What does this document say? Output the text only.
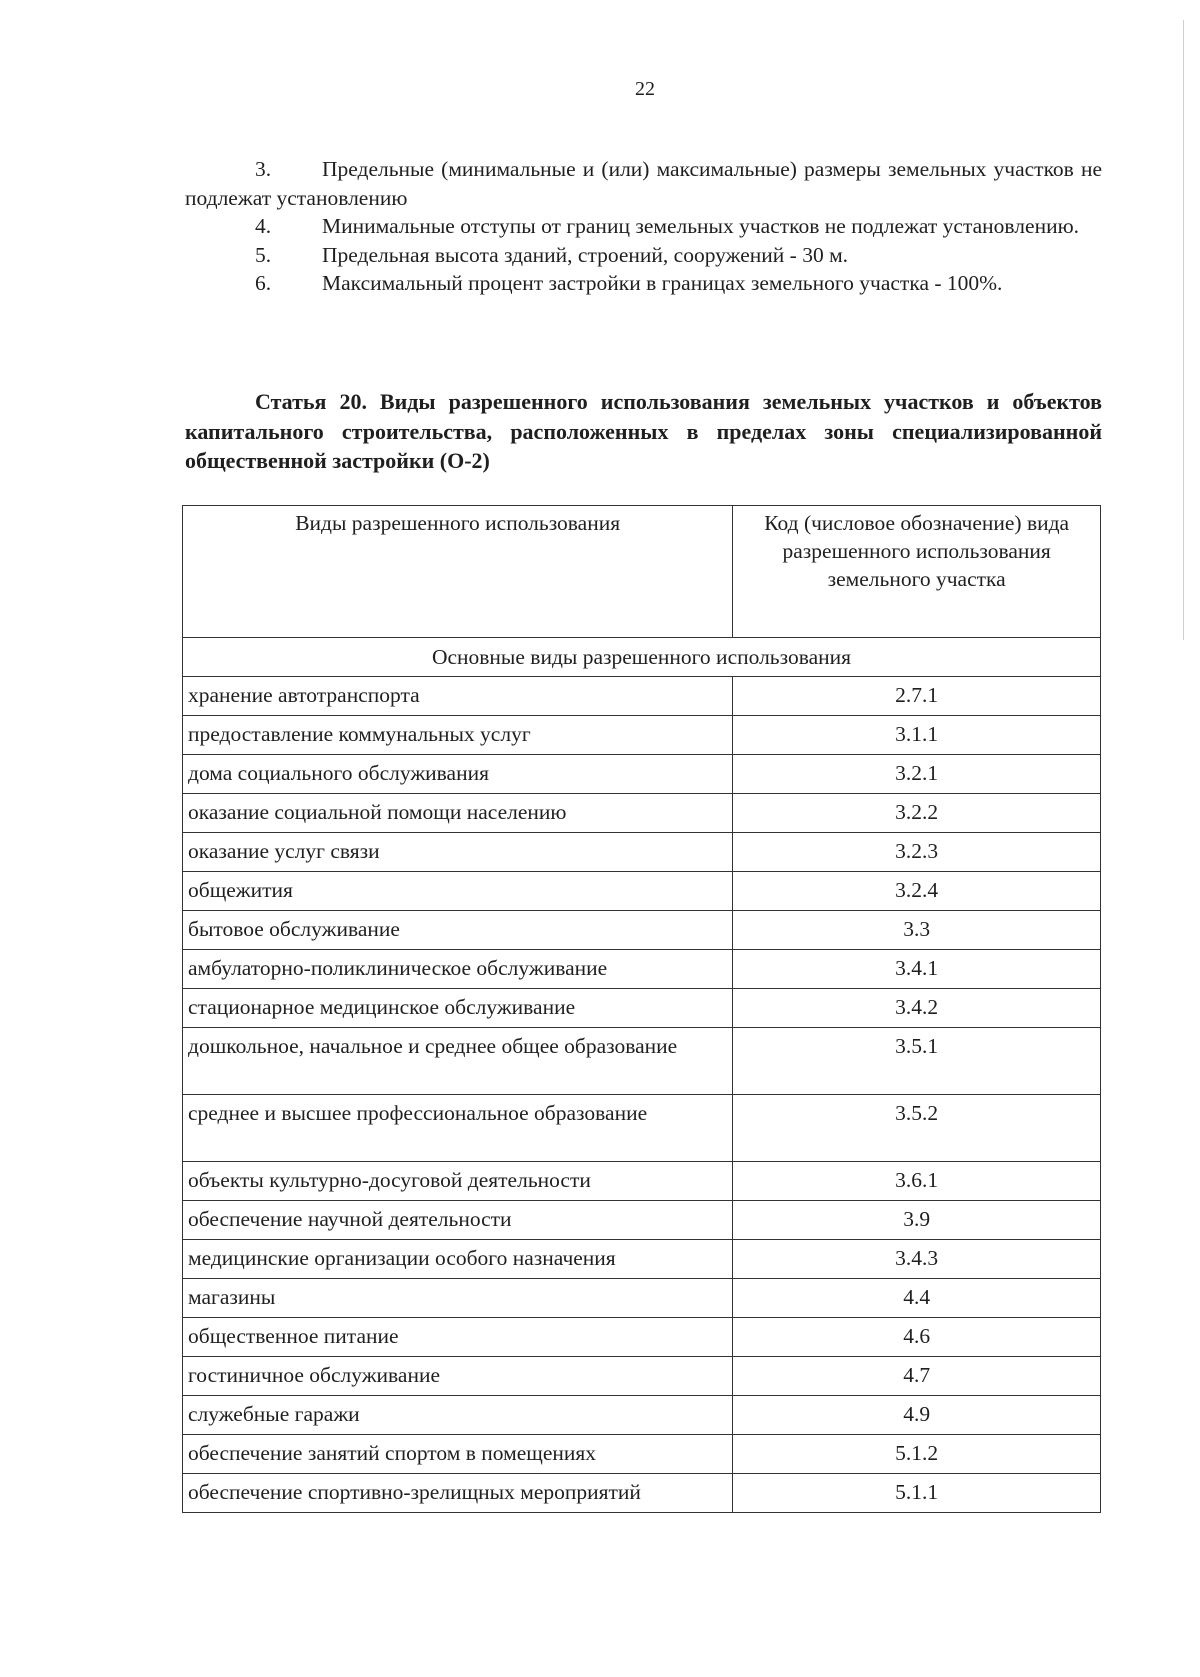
22

3. Предельные (минимальные и (или) максимальные) размеры земельных участков не подлежат установлению

4. Минимальные отступы от границ земельных участков не подлежат установлению.

5. Предельная высота зданий, строений, сооружений - 30 м.

6. Максимальный процент застройки в границах земельного участка - 100%.

Статья 20. Виды разрешенного использования земельных участков и объектов капитального строительства, расположенных в пределах зоны специализированной общественной застройки (О-2)

Виды разрешенного использования	Код (числовое обозначение) вида разрешенного использования земельного участка
Основные виды разрешенного использования	
хранение автотранспорта	2.7.1
предоставление коммунальных услуг	3.1.1
дома социального обслуживания	3.2.1
оказание социальной помощи населению	3.2.2
оказание услуг связи	3.2.3
общежития	3.2.4
бытовое обслуживание	3.3
амбулаторно-поликлиническое обслуживание	3.4.1
стационарное медицинское обслуживание	3.4.2
дошкольное, начальное и среднее общее образование	3.5.1
среднее и высшее профессиональное образование	3.5.2
объекты культурно-досуговой деятельности	3.6.1
обеспечение научной деятельности	3.9
медицинские организации особого назначения	3.4.3
магазины	4.4
общественное питание	4.6
гостиничное обслуживание	4.7
служебные гаражи	4.9
обеспечение занятий спортом в помещениях	5.1.2
обеспечение спортивно-зрелищных мероприятий	5.1.1
